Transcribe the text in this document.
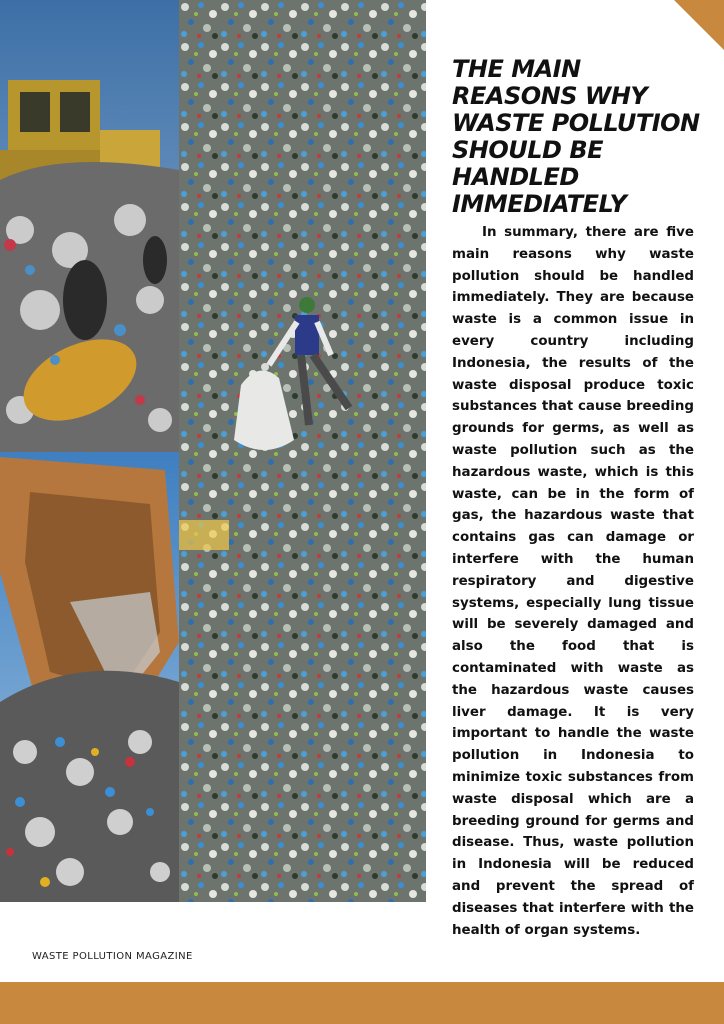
THE MAIN REASONS WHY WASTE POLLUTION SHOULD BE HANDLED IMMEDIATELY

In summary, there are five main reasons why waste pollution should be handled immediately. They are because waste is a common issue in every country including Indonesia, the results of the waste disposal produce toxic substances that cause breeding grounds for germs, as well as waste pollution such as the hazardous waste, which is this waste, can be in the form of gas, the hazardous waste that contains gas can damage or interfere with the human respiratory and digestive systems, especially lung tissue will be severely damaged and also the food that is contaminated with waste as the hazardous waste causes liver damage. It is very important to handle the waste pollution in Indonesia to minimize toxic substances from waste disposal which are a breeding ground for germs and disease. Thus, waste pollution in Indonesia will be reduced and prevent the spread of diseases that interfere with the health of organ systems.

WASTE POLLUTION MAGAZINE
